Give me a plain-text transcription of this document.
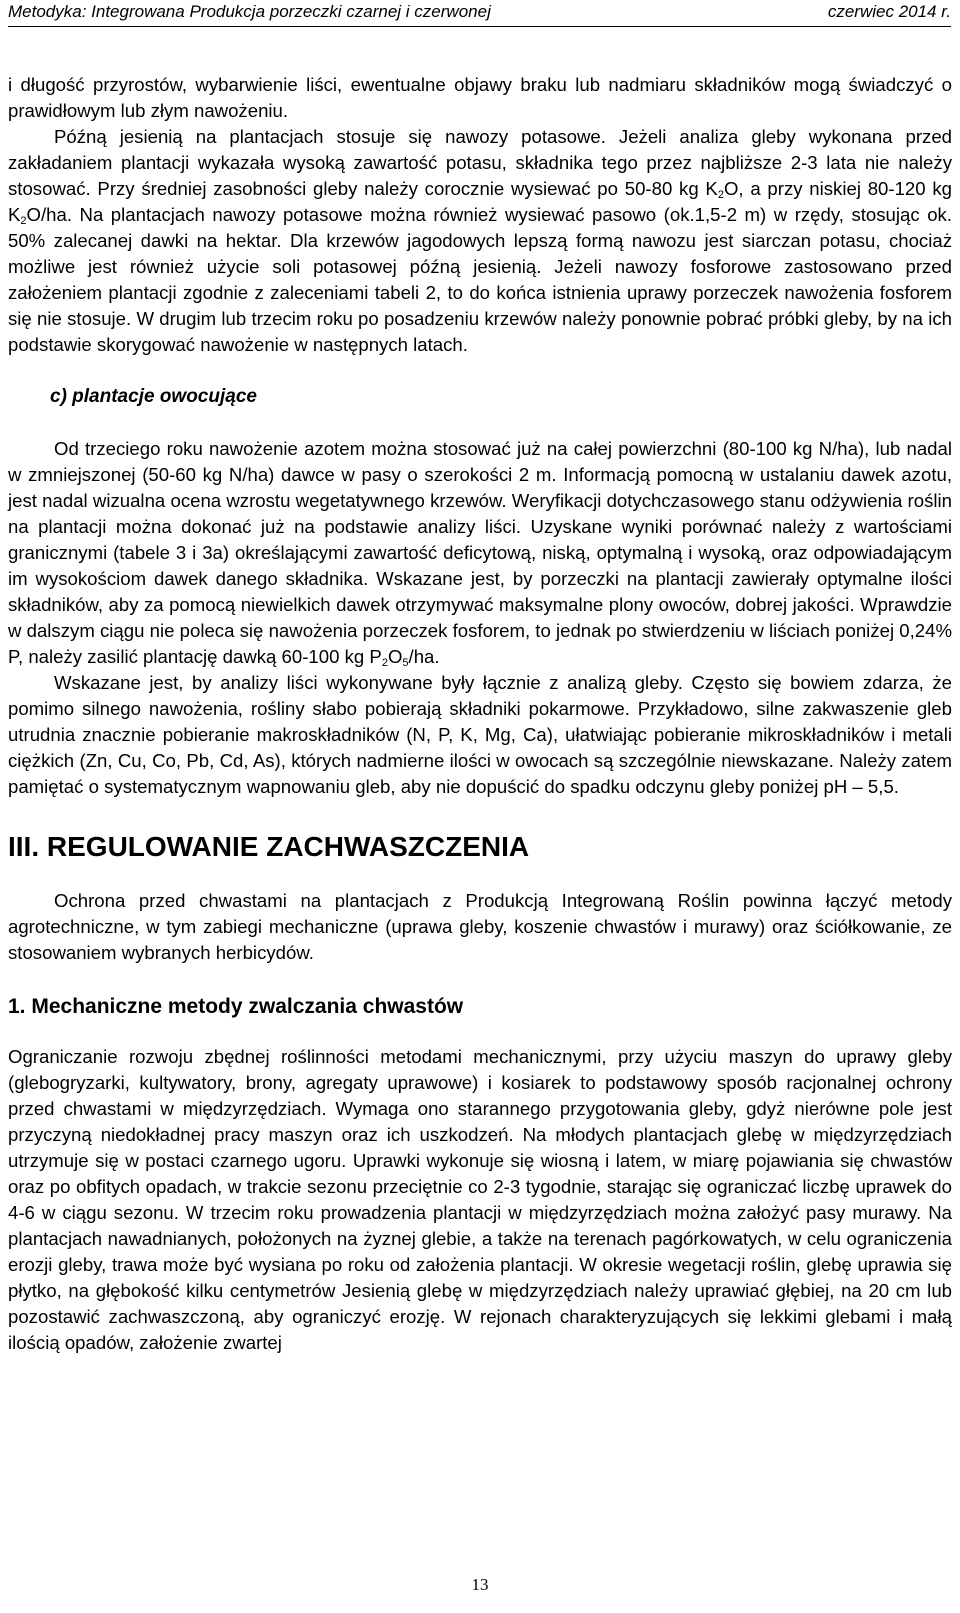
Metodyka: Integrowana Produkcja porzeczki czarnej i czerwonej	czerwiec 2014 r.

i długość przyrostów, wybarwienie liści, ewentualne objawy braku lub nadmiaru składników mogą świadczyć o prawidłowym lub złym nawożeniu.

Późną jesienią na plantacjach stosuje się nawozy potasowe. Jeżeli analiza gleby wykonana przed zakładaniem plantacji wykazała wysoką zawartość potasu, składnika tego przez najbliższe 2-3 lata nie należy stosować. Przy średniej zasobności gleby należy corocznie wysiewać po 50-80 kg $K_2O$, a przy niskiej 80-120 kg $K_2O/ha$. Na plantacjach nawozy potasowe można również wysiewać pasowo (ok.1,5-2 m) w rzędy, stosując ok. 50% zalecanej dawki na hektar. Dla krzewów jagodowych lepszą formą nawozu jest siarczan potasu, chociaż możliwe jest również użycie soli potasowej późną jesienią. Jeżeli nawozy fosforowe zastosowano przed założeniem plantacji zgodnie z zaleceniami tabeli 2, to do końca istnienia uprawy porzeczek nawożenia fosforem się nie stosuje. W drugim lub trzecim roku po posadzeniu krzewów należy ponownie pobrać próbki gleby, by na ich podstawie skorygować nawożenie w następnych latach.

c) plantacje owocujące

Od trzeciego roku nawożenie azotem można stosować już na całej powierzchni (80-100 kg N/ha), lub nadal w zmniejszonej (50-60 kg N/ha) dawce w pasy o szerokości 2 m. Informacją pomocną w ustalaniu dawek azotu, jest nadal wizualna ocena wzrostu wegetatywnego krzewów. Weryfikacji dotychczasowego stanu odżywienia roślin na plantacji można dokonać już na podstawie analizy liści. Uzyskane wyniki porównać należy z wartościami granicznymi (tabele 3 i 3a) określającymi zawartość deficytową, niską, optymalną i wysoką, oraz odpowiadającym im wysokościom dawek danego składnika. Wskazane jest, by porzeczki na plantacji zawierały optymalne ilości składników, aby za pomocą niewielkich dawek otrzymywać maksymalne plony owoców, dobrej jakości. Wprawdzie w dalszym ciągu nie poleca się nawożenia porzeczek fosforem, to jednak po stwierdzeniu w liściach poniżej 0,24% P, należy zasilić plantację dawką 60-100 kg $P_2O_5/ha$.

Wskazane jest, by analizy liści wykonywane były łącznie z analizą gleby. Często się bowiem zdarza, że pomimo silnego nawożenia, rośliny słabo pobierają składniki pokarmowe. Przykładowo, silne zakwaszenie gleb utrudnia znacznie pobieranie makroskładników (N, P, K, Mg, Ca), ułatwiając pobieranie mikroskładników i metali ciężkich (Zn, Cu, Co, Pb, Cd, As), których nadmierne ilości w owocach są szczególnie niewskazane. Należy zatem pamiętać o systematycznym wapnowaniu gleb, aby nie dopuścić do spadku odczynu gleby poniżej pH – 5,5.

III. REGULOWANIE ZACHWASZCZENIA

Ochrona przed chwastami na plantacjach z Produkcją Integrowaną Roślin powinna łączyć metody agrotechniczne, w tym zabiegi mechaniczne (uprawa gleby, koszenie chwastów i murawy) oraz ściółkowanie, ze stosowaniem wybranych herbicydów.

1. Mechaniczne metody zwalczania chwastów

Ograniczanie rozwoju zbędnej roślinności metodami mechanicznymi, przy użyciu maszyn do uprawy gleby (glebogryzarki, kultywatory, brony, agregaty uprawowe) i kosiarek to podstawowy sposób racjonalnej ochrony przed chwastami w międzyrzędziach. Wymaga ono starannego przygotowania gleby, gdyż nierówne pole jest przyczyną niedokładnej pracy maszyn oraz ich uszkodzeń. Na młodych plantacjach glebę w międzyrzędziach utrzymuje się w postaci czarnego ugoru. Uprawki wykonuje się wiosną i latem, w miarę pojawiania się chwastów oraz po obfitych opadach, w trakcie sezonu przeciętnie co 2-3 tygodnie, starając się ograniczać liczbę uprawek do 4-6 w ciągu sezonu. W trzecim roku prowadzenia plantacji w międzyrzędziach można założyć pasy murawy. Na plantacjach nawadnianych, położonych na żyznej glebie, a także na terenach pagórkowatych, w celu ograniczenia erozji gleby, trawa może być wysiana po roku od założenia plantacji. W okresie wegetacji roślin, glebę uprawia się płytko, na głębokość kilku centymetrów Jesienią glebę w międzyrzędziach należy uprawiać głębiej, na 20 cm lub pozostawić zachwaszczoną, aby ograniczyć erozję. W rejonach charakteryzujących się lekkimi glebami i małą ilością opadów, założenie zwartej

13
